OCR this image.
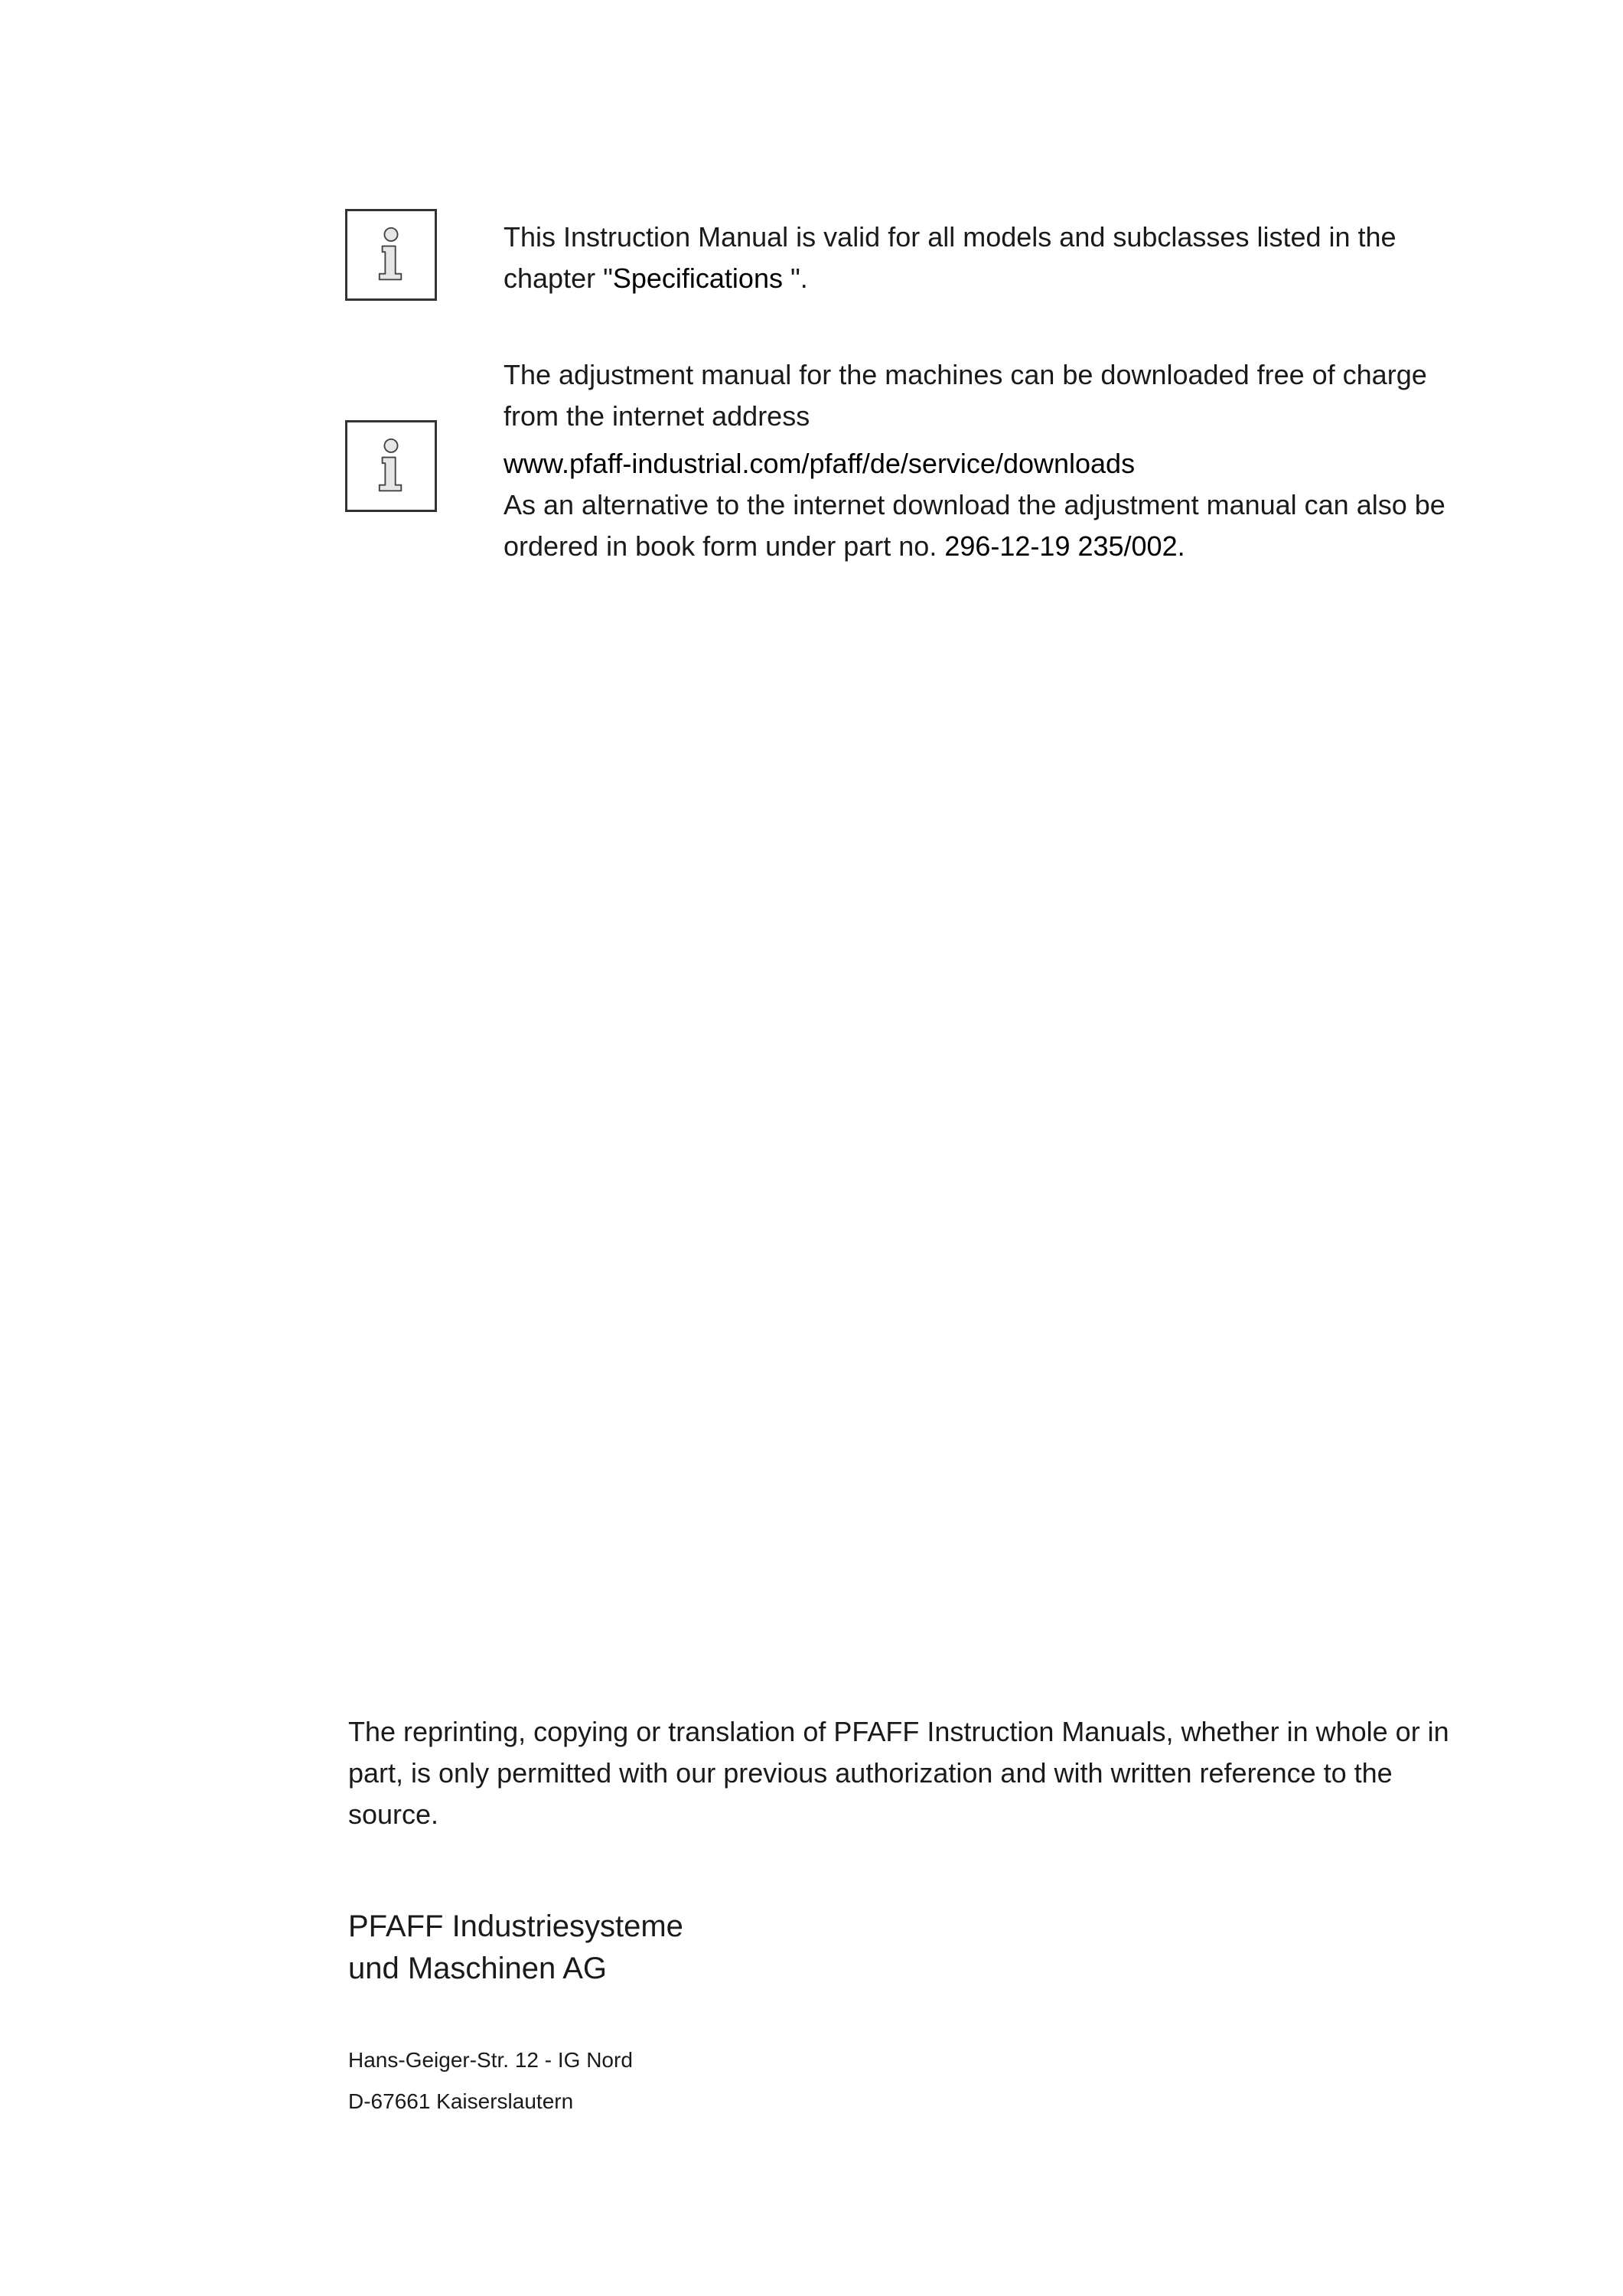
This Instruction Manual is valid for all models and subclasses listed in the chapter "Specifications ".

The adjustment manual for the machines can be downloaded free of charge from the internet address

www.pfaff-industrial.com/pfaff/de/service/downloads

As an alternative to the internet download the adjustment manual can also be ordered in book form under part no. 296-12-19 235/002.

The reprinting, copying or translation of PFAFF Instruction Manuals, whether in whole or in part, is only permitted with our previous authorization and with written reference to the source.

PFAFF Industriesysteme
und Maschinen AG
Hans-Geiger-Str. 12 - IG Nord
D-67661 Kaiserslautern
